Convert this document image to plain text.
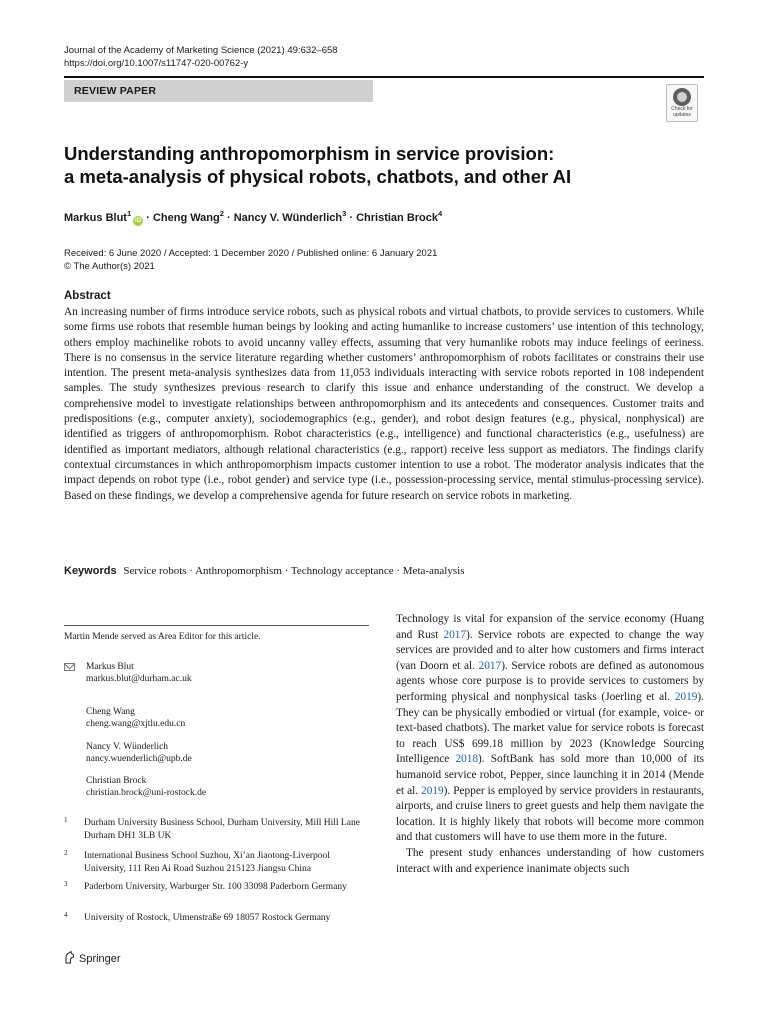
Journal of the Academy of Marketing Science (2021) 49:632–658
https://doi.org/10.1007/s11747-020-00762-y
REVIEW PAPER
Check for
updates
Understanding anthropomorphism in service provision:
a meta-analysis of physical robots, chatbots, and other AI
Markus Blut$^1$iD · Cheng Wang$^2$ · Nancy V. Wünderlich$^3$ · Christian Brock$^4$
Received: 6 June 2020 / Accepted: 1 December 2020 / Published online: 6 January 2021
© The Author(s) 2021
Abstract
An increasing number of firms introduce service robots, such as physical robots and virtual chatbots, to provide services to customers. While some firms use robots that resemble human beings by looking and acting humanlike to increase customers’ use intention of this technology, others employ machinelike robots to avoid uncanny valley effects, assuming that very humanlike robots may induce feelings of eeriness. There is no consensus in the service literature regarding whether customers’ anthropomorphism of robots facilitates or constrains their use intention. The present meta-analysis synthesizes data from 11,053 individuals interacting with service robots reported in 108 independent samples. The study synthesizes previous research to clarify this issue and enhance understanding of the construct. We develop a comprehensive model to investigate relationships between anthropomorphism and its antecedents and consequences. Customer traits and predispositions (e.g., computer anxiety), sociodemographics (e.g., gender), and robot design features (e.g., physical, nonphysical) are identified as triggers of anthropomorphism. Robot characteristics (e.g., intelligence) and functional characteristics (e.g., usefulness) are identified as important mediators, although relational characteristics (e.g., rapport) receive less support as mediators. The findings clarify contextual circumstances in which anthropomorphism impacts customer intention to use a robot. The moderator analysis indicates that the impact depends on robot type (i.e., robot gender) and service type (i.e., possession-processing service, mental stimulus-processing service). Based on these findings, we develop a comprehensive agenda for future research on service robots in marketing.
Keywords Service robots · Anthropomorphism · Technology acceptance · Meta-analysis
Martin Mende served as Area Editor for this article.
Markus Blut
markus.blut@durham.ac.uk
Cheng Wang
cheng.wang@xjtlu.edu.cn
Nancy V. Wünderlich
nancy.wuenderlich@upb.de
Christian Brock
christian.brock@uni-rostock.de
1	Durham University Business School, Durham University, Mill Hill Lane Durham DH1 3LB UK
2	International Business School Suzhou, Xi’an Jiaotong-Liverpool University, 111 Ren Ai Road Suzhou 215123 Jiangsu China
3	Paderborn University, Warburger Str. 100 33098 Paderborn Germany
4	University of Rostock, Ulmenstraße 69 18057 Rostock Germany

Technology is vital for expansion of the service economy (Huang and Rust 2017). Service robots are expected to change the way services are provided and to alter how customers and firms interact (van Doorn et al. 2017). Service robots are defined as autonomous agents whose core purpose is to provide services to customers by performing physical and nonphysical tasks (Joerling et al. 2019). They can be physically embodied or virtual (for example, voice- or text-based chatbots). The market value for service robots is forecast to reach US$ 699.18 million by 2023 (Knowledge Sourcing Intelligence 2018). SoftBank has sold more than 10,000 of its humanoid service robot, Pepper, since launching it in 2014 (Mende et al. 2019). Pepper is employed by service providers in restaurants, airports, and cruise liners to greet guests and help them navigate the location. It is highly likely that robots will become more common and that customers will have to use them more in the future.

The present study enhances understanding of how customers interact with and experience inanimate objects such

Springer
